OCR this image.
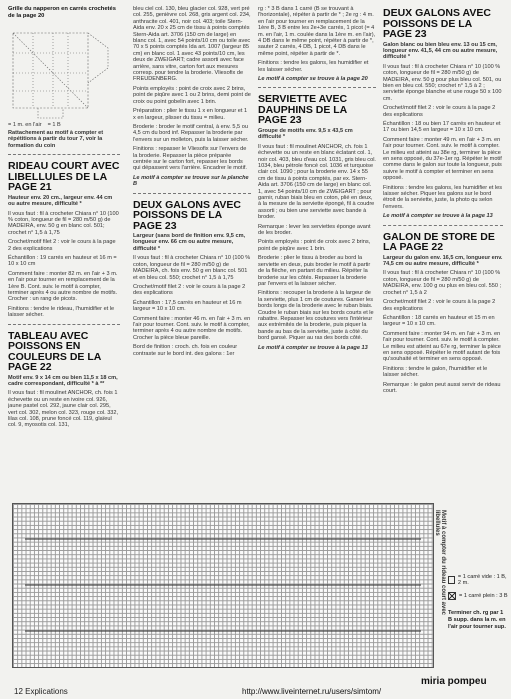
Grille du napperon en carrés crochetés de la page 20
= 1 m. en l'air = 1 B

Rattachement au motif à compter et répétitions à partir du tour 7, voir la formation du coin

RIDEAU COURT AVEC LIBELLULES DE LA PAGE 21

Hauteur env. 20 cm., largeur env. 44 cm ou autre mesure, difficulté *

Il vous faut : fil à crocheter Chiara n° 10 (100 % coton, longueur de fil = 280 m/50 g) de MADEIRA, env. 50 g en blanc col. 501; crochet n° 1,5 à 1,75

Crochet/motif filet 2 : voir le cours à la page 2 des explications

Échantillon : 19 carrés en hauteur et 16 m = 10 x 10 cm

Comment faire : monter 82 m. en l'air + 3 m. en l'air pour tourner en remplacement de la 1ère B. Cont. suiv. le motif à compter, terminer après 4 ou autre nombre de motifs. Crocher : un rang de picots.

Finitions : tendre le rideau, l'humidifier et le laisser sécher.

TABLEAU AVEC POISSONS EN COULEURS DE LA PAGE 22

Motif env. 9 x 14 cm ou bien 11,5 x 18 cm, cadre correspondant, difficulté * à **

Il vous faut : fil moulinet ANCHOR, ch. fois 1 échevette ou un reste en ivoire col. 926, jaune pastel col. 292, jaune clair col. 295, vert col. 302, melon col. 323, rouge col. 332, lilas col. 108, prune foncé col. 119, glaïeul col. 9, myosotis col. 131,

bleu ciel col. 130, bleu glacier col. 928, vert pré col. 255, genièvre col. 268, gris argent col. 234, anthracite col. 401, noir col. 403; toile Stern-Aida env. 20 x 25 cm de tissu à points comptés Stern-Aida art. 3706 (150 cm de large) en blanc col. 1, avec 54 points/10 cm ou toile avec 70 x 5 points comptés Ida art. 1007 (largeur 85 cm) en blanc col. 1 avec 43 points/10 cm, les deux de ZWEIGART; cadre assorti avec face arrière, sans vitre, carton fort aux mesures corresp. pour tendre la broderie. Vliesofix de FREUDENBERG.

Points employés : point de croix avec 2 brins, point de piqûre avec 1 ou 2 brins, demi point de croix ou point gobelin avec 1 brin.

Préparation : plier le tissu 1 x en longueur et 1 x en largeur, plisser du tissu = milieu.

Broderie : broder le motif central, à env. 5,5 ou 4,5 cm du bord inf. Repasser la broderie par l'envers sur un molleton, puis la laisser sécher.

Finitions : repasser le Vliesofix sur l'envers de la broderie. Repasser la pièce préparée centrée sur le carton fort, repasser les bords qui dépassent vers l'arrière. Encadrer le motif.

Le motif à compter se trouve sur la planche B

DEUX GALONS AVEC POISSONS DE LA PAGE 23

Largeur (sans bord de finition env. 9,5 cm, longueur env. 66 cm ou autre mesure, difficulté *

Il vous faut : fil à crocheter Chiara n° 10 (100 % coton, longueur de fil = 280 m/50 g) de MADEIRA, ch. fois env. 50 g en blanc col. 501 et en bleu col. 550; crochet n° 1,5 à 1,75

Crochet/motif filet 2 : voir le cours à la page 2 des explications

Échantillon : 17,5 carrés en hauteur et 16 m largeur = 10 x 10 cm.

Comment faire : monter 46 m. en l'air + 3 m. en l'air pour tourner. Cont. suiv. le motif à compter, terminer après 4 ou autre nombre de motifs. Crocher la pièce bleue pareille.

Bord de finition : croch. ch. fois en couleur contraste sur le bord int. des galons : 1er

rg : * 3 B dans 1 carré (B se trouvant à l'horizontale), répéter à partir de * ; 2e rg : 4 m. en l'air pour tourner en remplacement de la 1ère B, 3 B entre les 2e+3e carrés, 1 picot (= 4 m. en l'air, 1 m. coulée dans la 1ère m. en l'air), 4 DB dans le même point, répéter à partir de *, sauter 2 carrés, 4 DB, 1 picot, 4 DB dans le même point, répéter à partir de *.

Finitions : tendre les galons, les humidifier et les laisser sécher.

Le motif à compter se trouve à la page 20

SERVIETTE AVEC DAUPHINS DE LA PAGE 23

Groupe de motifs env. 9,5 x 43,5 cm difficulté *

Il vous faut : fil moulinet ANCHOR, ch. fois 1 échevette ou un reste en blanc éclatant col. 1, noir col. 403, bleu d'eau col. 1031, gris bleu col. 1034, bleu pétrole foncé col. 1036 et turquoise clair col. 1090 ; pour la broderie env. 14 x 55 cm de tissu à points comptés, par ex. Stern-Aida art. 3706 (150 cm de large) en blanc col. 1, avec 54 points/10 cm de ZWEIGART ; pour garnir, ruban biais bleu en coton, plié en deux, à la mesure de la serviette épongé, fil à coudre assorti ; ou bien une serviette avec bande à broder.

Remarque : lever les serviettes éponge avant de les broder.

Points employés : point de croix avec 2 brins, point de piqûre avec 1 brin.

Broderie : plier le tissu à broder au bord la serviette en deux, puis broder le motif à partir de la flèche, en partant du milieu. Répéter la broderie sur les côtés. Repasser la broderie par l'envers et la laisser sécher.

Finitions : recouper la broderie à la largeur de la serviette, plus 1 cm de coutures. Ganser les bords longs de la broderie avec le ruban biais. Coudre le ruban biais sur les bords courts et le rabattre. Repasser les coutures vers l'intérieur aux extrémités de la broderie, puis piquer la bande au bas de la serviette, juste à côté du bord gansé. Piquer au ras des bords côté.

Le motif à compter se trouve à la page 13

DEUX GALONS AVEC POISSONS DE LA PAGE 23

Galon blanc ou bien bleu env. 13 ou 15 cm, longueur env. 41,5, 44 cm ou autre mesure, difficulté *

Il vous faut : fil à crocheter Chiara n° 10 (100 % coton, longueur de fil = 280 m/50 g) de MADEIRA, env. 50 g pour plus bleu col. 501, ou bien en bleu col. 550; crochet n° 1,5 à 2 ; serviette éponge blanche et une rouge 50 x 100 cm.

Crochet/motif filet 2 : voir le cours à la page 2 des explications

Échantillon : 18 ou bien 17 carrés en hauteur et 17 ou bien 14,5 en largeur = 10 x 10 cm.

Comment faire : monter 49 m. en l'air + 3 m. en l'air pour tourner. Cont. suiv. le motif à compter. Le milieu est atteint au 38e rg, terminer la pièce en sens opposé, du 37e-1er rg. Répéter le motif comme dans le galon sur toute la longueur, puis suivre le motif à compter et terminer en sens opposé.

Finitions : tendre les galons, les humidifier et les laisser sécher. Piquer les galons sur le bord étroit de la serviette, juste, la photo qu selon l'envers.

Le motif à compter se trouve à la page 13

GALON DE STORE DE LA PAGE 22

Largeur du galon env. 16,5 cm, longueur env. 74,5 cm ou autre mesure, difficulté *

Il vous faut : fil à crocheter Chiara n° 10 (100 % coton, longueur de fil = 280 m/50 g) de MADEIRA, env. 100 g ou plus en bleu col. 550 ; crochet n° 1,5 à 2

Crochet/motif filet 2 : voir le cours à la page 2 des explications

Échantillon : 18 carrés en hauteur et 15 m en largeur = 10 x 10 cm.

Comment faire : monter 94 m. en l'air + 3 m. en l'air pour tourner. Cont. suiv. le motif à compter. Le milieu est atteint au 67e rg, terminer la pièce en sens opposé. Répéter le motif autant de fois qu'souhaité et terminer en sens opposé.

Finitions : tendre le galon, l'humidifier et le laisser sécher.

Remarque : le galon peut aussi servir de rideau court.

Motif à compter du rideau court avec libellules
= 1 carré vide : 1 B, 2 m.
= 1 carré plein : 3 B
Terminer ch. rg par 1 B supp. dans la m. en l'air pour tourner sup.
miria pompeu
12 Explications	http://www.liveinternet.ru/users/simtom/
